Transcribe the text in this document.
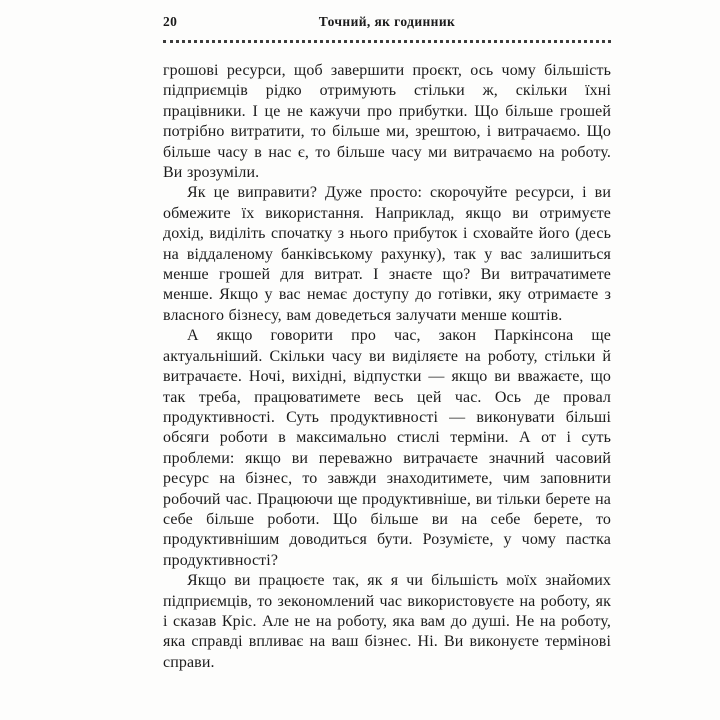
20	Точний, як годинник

грошові ресурси, щоб завершити проєкт, ось чому більшість підприємців рідко отримують стільки ж, скільки їхні працівники. І це не кажучи про прибутки. Що більше грошей потрібно витратити, то більше ми, зрештою, і витрачаємо. Що більше часу в нас є, то більше часу ми витрачаємо на роботу. Ви зрозуміли.

Як це виправити? Дуже просто: скорочуйте ресурси, і ви обмежите їх використання. Наприклад, якщо ви отримуєте дохід, виділіть спочатку з нього прибуток і сховайте його (десь на віддаленому банківському рахунку), так у вас залишиться менше грошей для витрат. І знаєте що? Ви витрачатимете менше. Якщо у вас немає доступу до готівки, яку отримаєте з власного бізнесу, вам доведеться залучати менше коштів.

А якщо говорити про час, закон Паркінсона ще актуальніший. Скільки часу ви виділяєте на роботу, стільки й витрачаєте. Ночі, вихідні, відпустки — якщо ви вважаєте, що так треба, працюватимете весь цей час. Ось де провал продуктивності. Суть продуктивності — виконувати більші обсяги роботи в максимально стислі терміни. А от і суть проблеми: якщо ви переважно витрачаєте значний часовий ресурс на бізнес, то завжди знаходитимете, чим заповнити робочий час. Працюючи ще продуктивніше, ви тільки берете на себе більше роботи. Що більше ви на себе берете, то продуктивнішим доводиться бути. Розумієте, у чому пастка продуктивності?

Якщо ви працюєте так, як я чи більшість моїх знайомих підприємців, то зекономлений час використовуєте на роботу, як і сказав Кріс. Але не на роботу, яка вам до душі. Не на роботу, яка справді впливає на ваш бізнес. Ні. Ви виконуєте термінові справи.
